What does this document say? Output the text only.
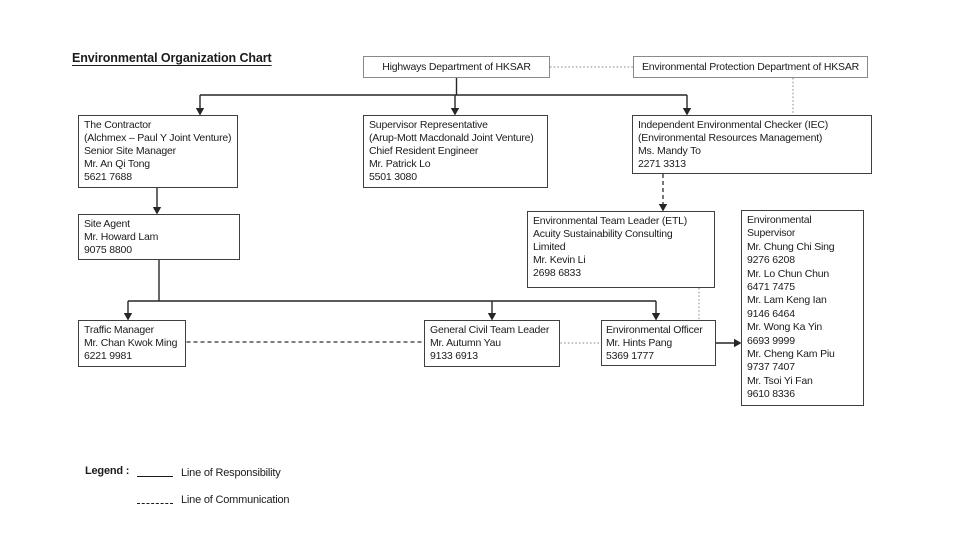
Environmental Organization Chart
Highways Department of HKSAR	Environmental Protection Department of HKSAR
The Contractor
(Alchmex – Paul Y Joint Venture)
Senior Site Manager
Mr. An Qi Tong
5621 7688
Supervisor Representative
(Arup-Mott Macdonald Joint Venture)
Chief Resident Engineer
Mr. Patrick Lo
5501 3080
Independent Environmental Checker (IEC)
(Environmental Resources Management)
Ms. Mandy To
2271 3313
Site Agent
Mr. Howard Lam
9075 8800
Environmental Team Leader (ETL)
Acuity Sustainability Consulting
Limited
Mr. Kevin Li
2698 6833
Environmental
Supervisor
Mr. Chung Chi Sing
9276 6208
Mr. Lo Chun Chun
6471 7475
Mr. Lam Keng Ian
9146 6464
Mr. Wong Ka Yin
6693 9999
Mr. Cheng Kam Piu
9737 7407
Mr. Tsoi Yi Fan
9610 8336
Traffic Manager
Mr. Chan Kwok Ming
6221 9981
General Civil Team Leader
Mr. Autumn Yau
9133 6913
Environmental Officer
Mr. Hints Pang
5369 1777
Legend :	Line of Responsibility
Line of Communication
